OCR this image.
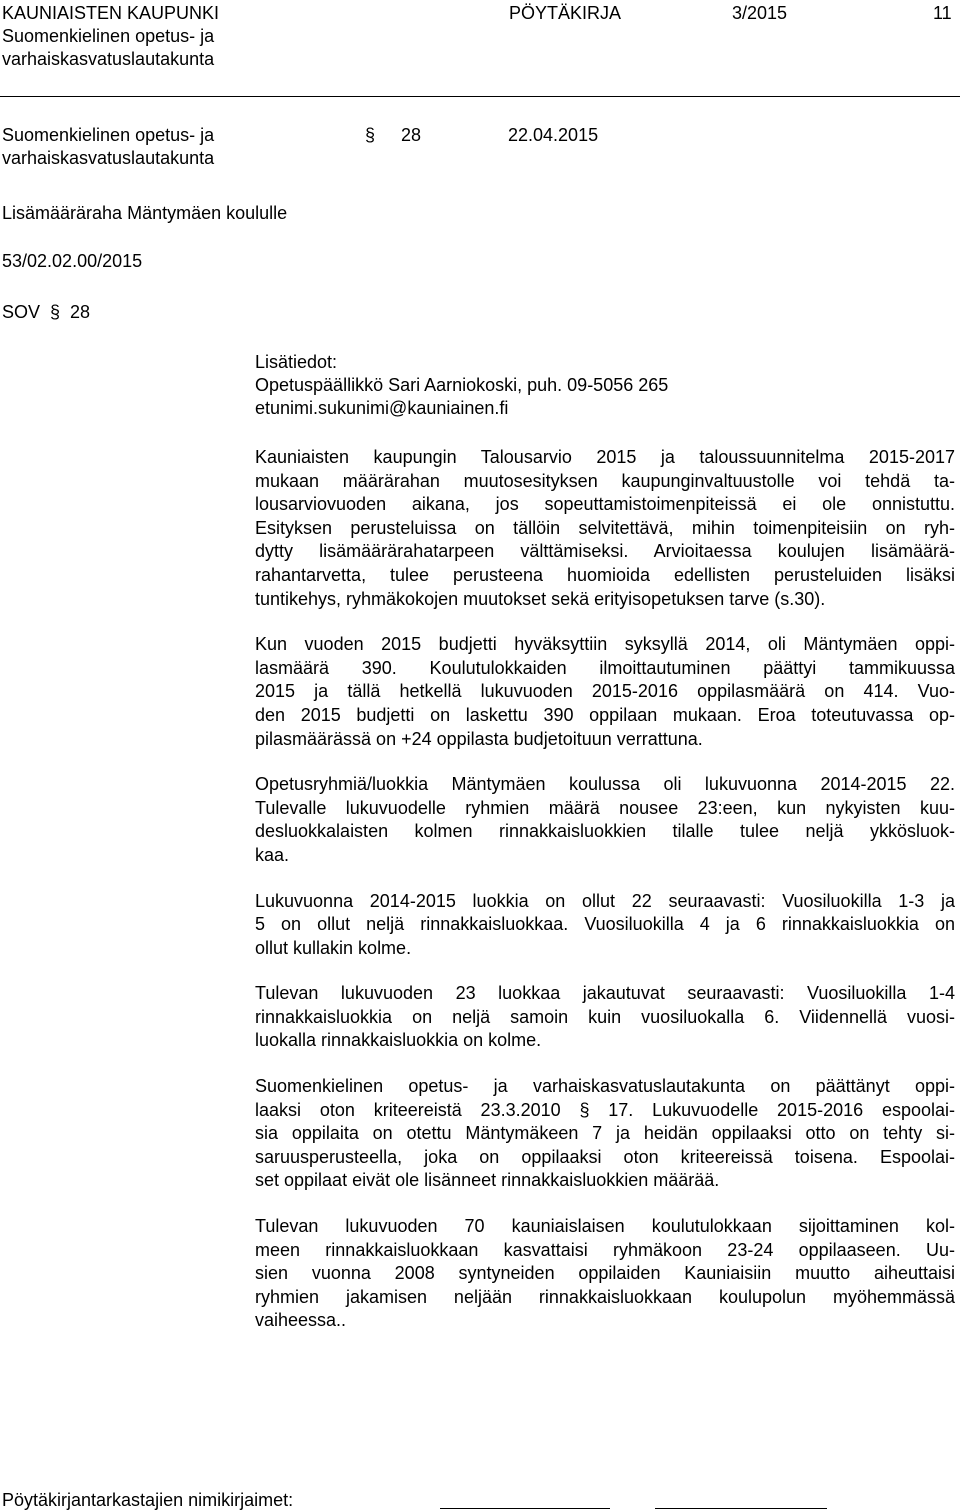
KAUNIAISTEN KAUPUNKI
Suomenkielinen opetus- ja
varhaiskasvatuslautakunta
PÖYTÄKIRJA	3/2015	11
Suomenkielinen opetus- ja
varhaiskasvatuslautakunta
§ 28	22.04.2015
Lisämääräraha Mäntymäen koululle
53/02.02.00/2015
SOV § 28
Lisätiedot:
Opetuspäällikkö Sari Aarniokoski, puh. 09-5056 265
etunimi.sukunimi@kauniainen.fi

Kauniaisten kaupungin Talousarvio 2015 ja taloussuunnitelma 2015-2017
mukaan määrärahan muutosesityksen kaupunginvaltuustolle voi tehdä ta-
lousarviovuoden aikana, jos sopeuttamistoimenpiteissä ei ole onnistuttu.
Esityksen perusteluissa on tällöin selvitettävä, mihin toimenpiteisiin on ryh-
dytty lisämäärärahatarpeen välttämiseksi. Arvioitaessa koulujen lisämäärä-
rahantarvetta, tulee perusteena huomioida edellisten perusteluiden lisäksi
tuntikehys, ryhmäkokojen muutokset sekä erityisopetuksen tarve (s.30).

Kun vuoden 2015 budjetti hyväksyttiin syksyllä 2014, oli Mäntymäen oppi-
lasmäärä 390. Koulutulokkaiden ilmoittautuminen päättyi tammikuussa
2015 ja tällä hetkellä lukuvuoden 2015-2016 oppilasmäärä on 414. Vuo-
den 2015 budjetti on laskettu 390 oppilaan mukaan. Eroa toteutuvassa op-
pilasmäärässä on +24 oppilasta budjetoituun verrattuna.

Opetusryhmiä/luokkia Mäntymäen koulussa oli lukuvuonna 2014-2015 22.
Tulevalle lukuvuodelle ryhmien määrä nousee 23:een, kun nykyisten kuu-
desluokkalaisten kolmen rinnakkaisluokkien tilalle tulee neljä ykkösluok-
kaa.

Lukuvuonna 2014-2015 luokkia on ollut 22 seuraavasti: Vuosiluokilla 1-3 ja
5 on ollut neljä rinnakkaisluokkaa. Vuosiluokilla 4 ja 6 rinnakkaisluokkia on
ollut kullakin kolme.

Tulevan lukuvuoden 23 luokkaa jakautuvat seuraavasti: Vuosiluokilla 1-4
rinnakkaisluokkia on neljä samoin kuin vuosiluokalla 6. Viidennellä vuosi-
luokalla rinnakkaisluokkia on kolme.

Suomenkielinen opetus- ja varhaiskasvatuslautakunta on päättänyt oppi-
laaksi oton kriteereistä 23.3.2010 § 17. Lukuvuodelle 2015-2016 espoolai-
sia oppilaita on otettu Mäntymäkeen 7 ja heidän oppilaaksi otto on tehty si-
saruusperusteella, joka on oppilaaksi oton kriteereissä toisena. Espoolai-
set oppilaat eivät ole lisänneet rinnakkaisluokkien määrää.

Tulevan lukuvuoden 70 kauniaislaisen koulutulokkaan sijoittaminen kol-
meen rinnakkaisluokkaan kasvattaisi ryhmäkoon 23-24 oppilaaseen. Uu-
sien vuonna 2008 syntyneiden oppilaiden Kauniaisiin muutto aiheuttaisi
ryhmien jakamisen neljään rinnakkaisluokkaan koulupolun myöhemmässä
vaiheessa..

Pöytäkirjantarkastajien nimikirjaimet:
